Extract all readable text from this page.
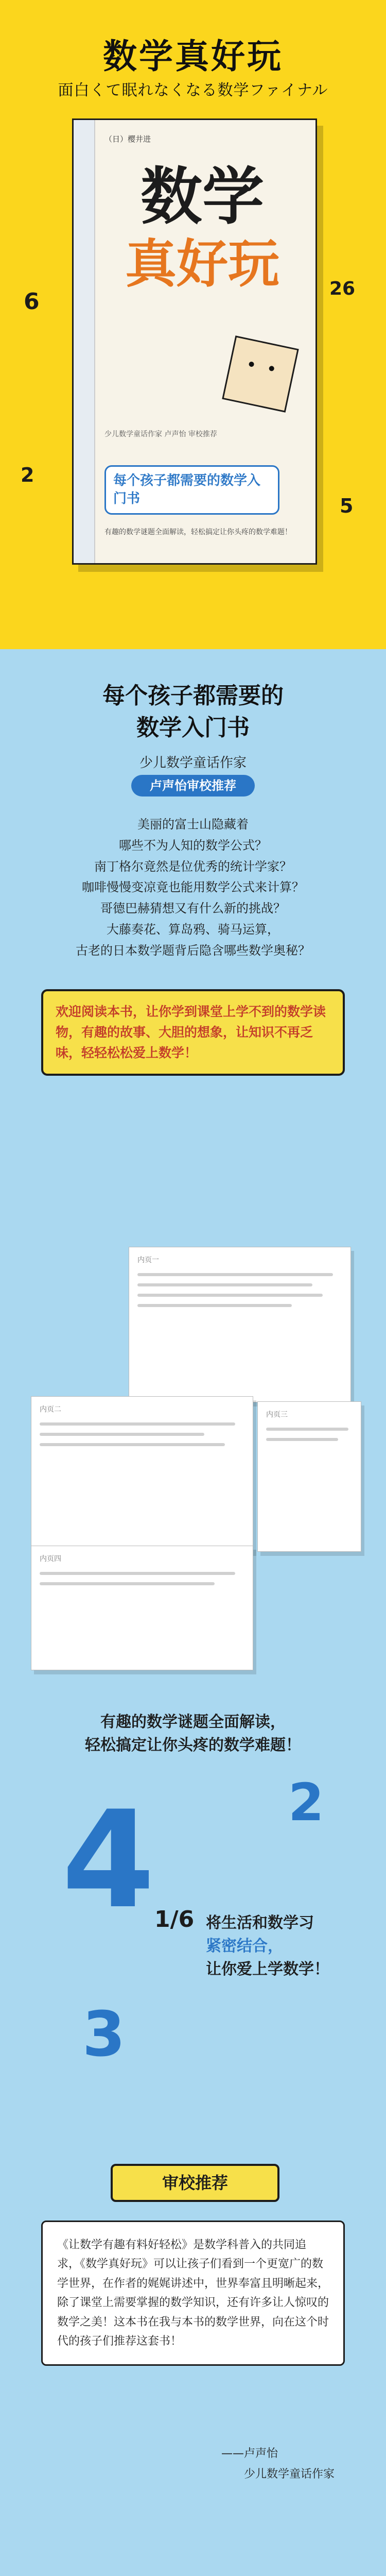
数学真好玩
面白くて眠れなくなる数学ファイナル
6	26
2
5
（日）樱井进
数学
真好玩
少儿数学童话作家 卢声怡 审校推荐
每个孩子都需要的数学入门书
有趣的数学谜题全面解读，轻松搞定让你头疼的数学难题！
每个孩子都需要的
数学入门书
少儿数学童话作家
卢声怡审校推荐
美丽的富士山隐藏着
哪些不为人知的数学公式？
南丁格尔竟然是位优秀的统计学家？
咖啡慢慢变凉竟也能用数学公式来计算？
哥德巴赫猜想又有什么新的挑战？
大藤奏花、算岛鸦、骑马运算，
古老的日本数学题背后隐含哪些数学奥秘？
欢迎阅读本书，让你学到课堂上学不到的数学读物，有趣的故事、大胆的想象，让知识不再乏味，轻轻松松爱上数学！
内页一
内页二
内页三
内页四
有趣的数学谜题全面解读，
轻松搞定让你头疼的数学难题！
4 1/6
3
2
将生活和数学习
紧密结合，
让你爱上学数学！
审校推荐
《让数学有趣有料好轻松》是数学科普入的共同追求，《数学真好玩》可以让孩子们看到一个更宽广的数学世界，在作者的娓娓讲述中，世界奉富且明晰起来，除了课堂上需要掌握的数学知识，还有许多让人惊叹的数学之美！这本书在我与本书的数学世界，向在这个时代的孩子们推荐这套书！
——卢声怡
少儿数学童话作家
